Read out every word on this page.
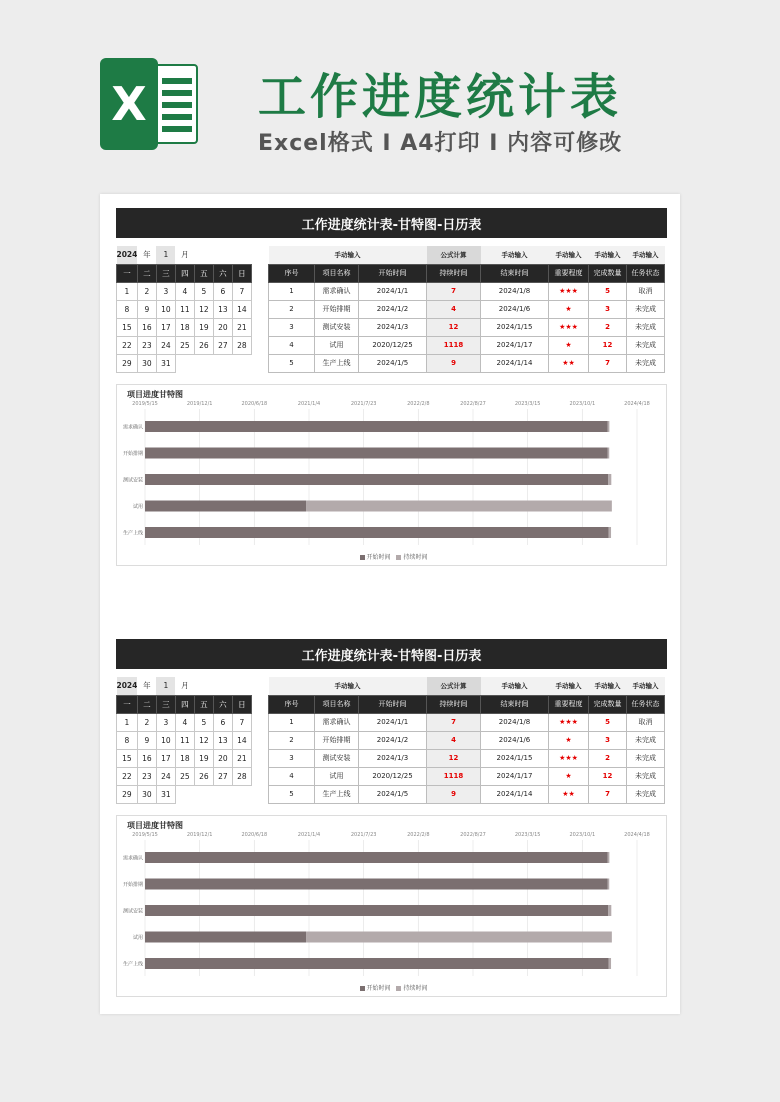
X 工作进度统计表
Excel格式 I A4打印 I 内容可修改
工作进度统计表-甘特图-日历表
2024	年	1	月			
一	二	三	四	五	六	日
1	2	3	4	5	6	7
8	9	10	11	12	13	14
15	16	17	18	19	20	21
22	23	24	25	26	27	28
29	30	31				
手动输入			公式计算	手动输入	手动输入	手动输入	手动输入
序号	项目名称	开始时间	持续时间	结束时间	重要程度	完成数量	任务状态
1	需求确认	2024/1/1	7	2024/1/8	★★★	5	取消
2	开始排期	2024/1/2	4	2024/1/6	★	3	未完成
3	测试安装	2024/1/3	12	2024/1/15	★★★	2	未完成
4	试用	2020/12/25	1118	2024/1/17	★	12	未完成
5	生产上线	2024/1/5	9	2024/1/14	★★	7	未完成
2019/5/15	2019/12/1	2020/6/18	2021/1/4	2021/7/23	2022/2/8	2022/8/27	2023/3/15	2023/10/1	2024/4/18
需求确认
开始排期
测试安装
试用
生产上线
项目进度甘特图
开始时间 持续时间
工作进度统计表-甘特图-日历表
2024	年	1	月			
一	二	三	四	五	六	日
1	2	3	4	5	6	7
8	9	10	11	12	13	14
15	16	17	18	19	20	21
22	23	24	25	26	27	28
29	30	31				
手动输入			公式计算	手动输入	手动输入	手动输入	手动输入
序号	项目名称	开始时间	持续时间	结束时间	重要程度	完成数量	任务状态
1	需求确认	2024/1/1	7	2024/1/8	★★★	5	取消
2	开始排期	2024/1/2	4	2024/1/6	★	3	未完成
3	测试安装	2024/1/3	12	2024/1/15	★★★	2	未完成
4	试用	2020/12/25	1118	2024/1/17	★	12	未完成
5	生产上线	2024/1/5	9	2024/1/14	★★	7	未完成
2019/5/15	2019/12/1	2020/6/18	2021/1/4	2021/7/23	2022/2/8	2022/8/27	2023/3/15	2023/10/1	2024/4/18
需求确认
开始排期
测试安装
试用
生产上线
项目进度甘特图
开始时间 持续时间
